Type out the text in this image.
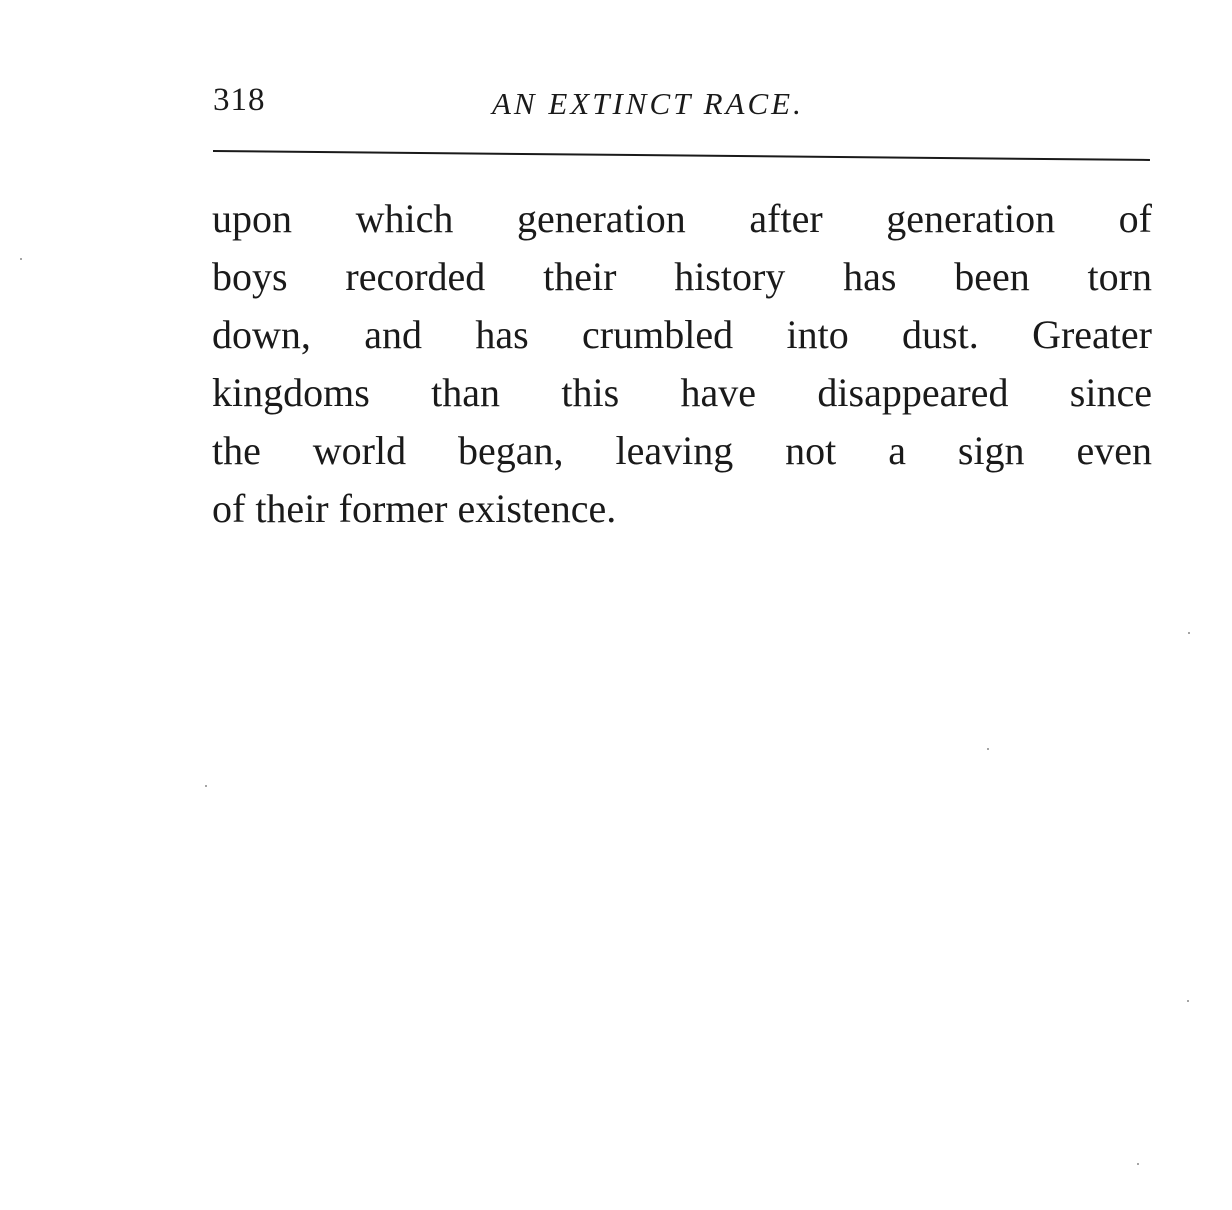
318	AN EXTINCT RACE.
upon which generation after generation of
boys recorded their history has been torn
down, and has crumbled into dust. Greater
kingdoms than this have disappeared since
the world began, leaving not a sign even
of their former existence.
